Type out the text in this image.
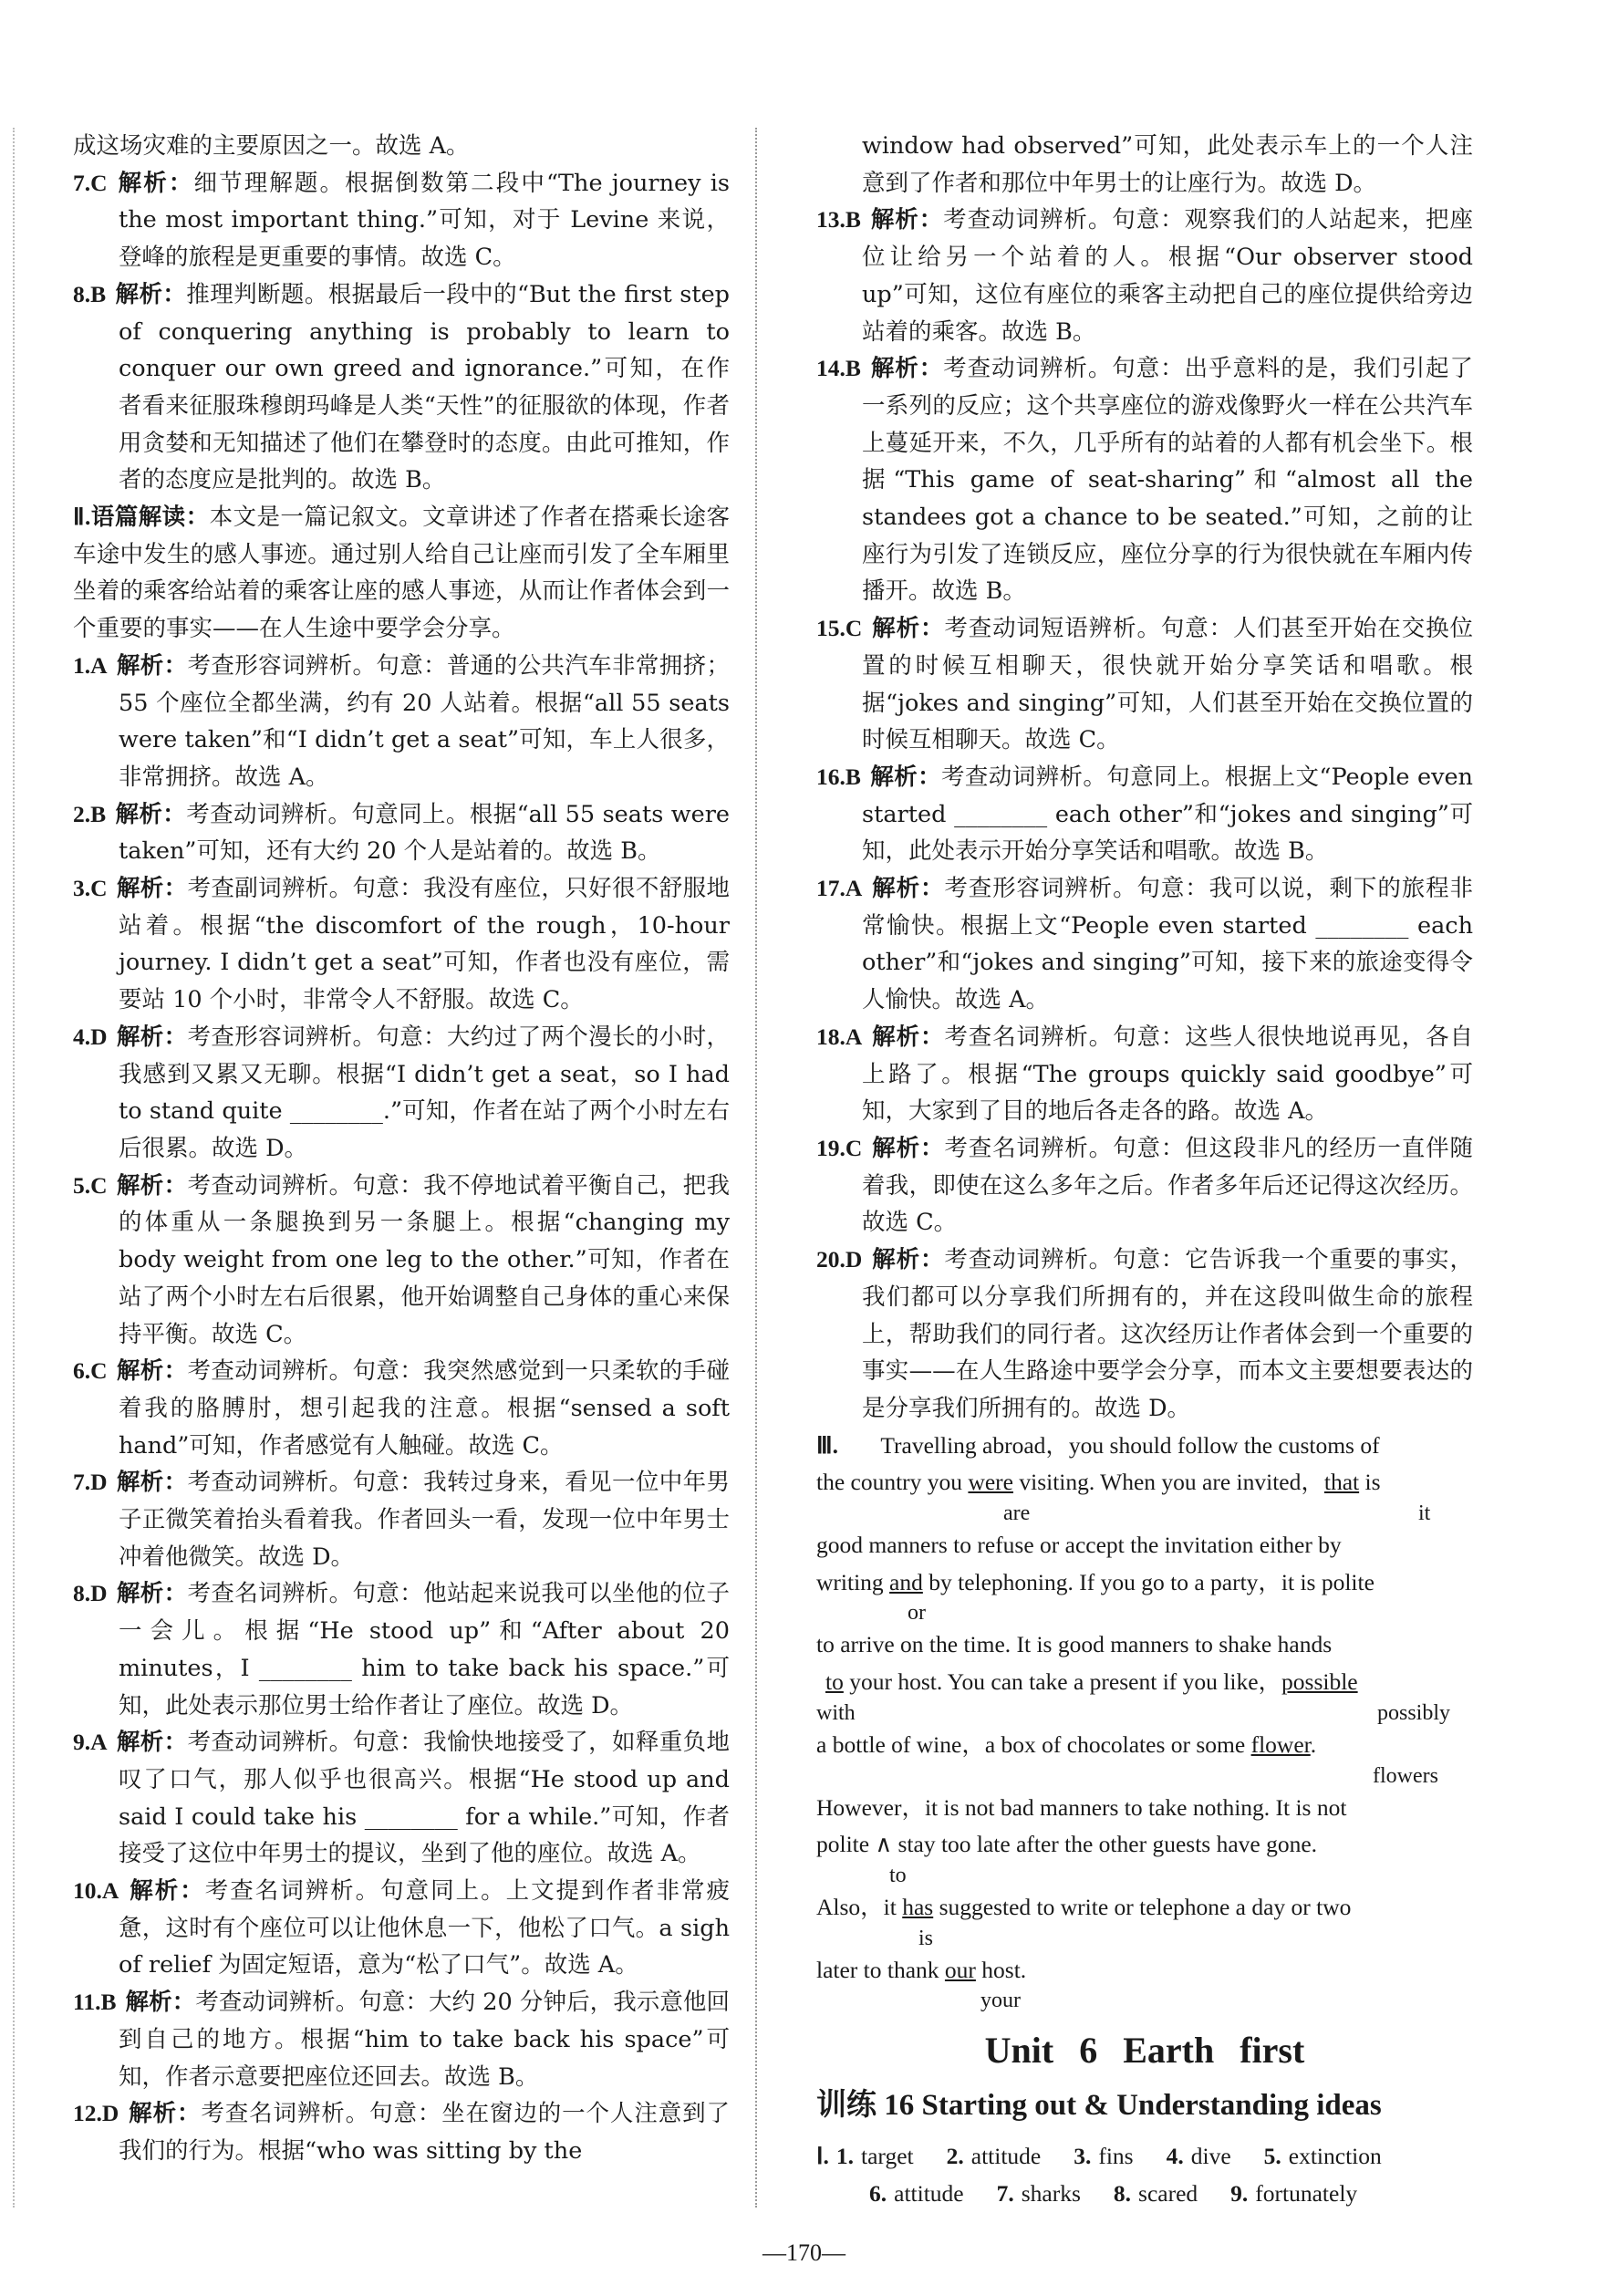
成这场灾难的主要原因之一。故选 A。

7.C 解析：细节理解题。根据倒数第二段中“The journey is the most important thing.”可知，对于 Levine 来说，登峰的旅程是更重要的事情。故选 C。

8.B 解析：推理判断题。根据最后一段中的“But the first step of conquering anything is probably to learn to conquer our own greed and ignorance.”可知，在作者看来征服珠穆朗玛峰是人类“天性”的征服欲的体现，作者用贪婪和无知描述了他们在攀登时的态度。由此可推知，作者的态度应是批判的。故选 B。

Ⅱ.语篇解读：本文是一篇记叙文。文章讲述了作者在搭乘长途客车途中发生的感人事迹。通过别人给自己让座而引发了全车厢里坐着的乘客给站着的乘客让座的感人事迹，从而让作者体会到一个重要的事实——在人生途中要学会分享。

1.A 解析：考查形容词辨析。句意：普通的公共汽车非常拥挤；55 个座位全都坐满，约有 20 人站着。根据“all 55 seats were taken”和“I didn’t get a seat”可知，车上人很多，非常拥挤。故选 A。

2.B 解析：考查动词辨析。句意同上。根据“all 55 seats were taken”可知，还有大约 20 个人是站着的。故选 B。

3.C 解析：考查副词辨析。句意：我没有座位，只好很不舒服地站着。根据“the discomfort of the rough，10-hour journey. I didn’t get a seat”可知，作者也没有座位，需要站 10 个小时，非常令人不舒服。故选 C。

4.D 解析：考查形容词辨析。句意：大约过了两个漫长的小时，我感到又累又无聊。根据“I didn’t get a seat，so I had to stand quite ________.”可知，作者在站了两个小时左右后很累。故选 D。

5.C 解析：考查动词辨析。句意：我不停地试着平衡自己，把我的体重从一条腿换到另一条腿上。根据“changing my body weight from one leg to the other.”可知，作者在站了两个小时左右后很累，他开始调整自己身体的重心来保持平衡。故选 C。

6.C 解析：考查动词辨析。句意：我突然感觉到一只柔软的手碰着我的胳膊肘，想引起我的注意。根据“sensed a soft hand”可知，作者感觉有人触碰。故选 C。

7.D 解析：考查动词辨析。句意：我转过身来，看见一位中年男子正微笑着抬头看着我。作者回头一看，发现一位中年男士冲着他微笑。故选 D。

8.D 解析：考查名词辨析。句意：他站起来说我可以坐他的位子一会儿。根据“He stood up”和“After about 20 minutes，I ________ him to take back his space.”可知，此处表示那位男士给作者让了座位。故选 D。

9.A 解析：考查动词辨析。句意：我愉快地接受了，如释重负地叹了口气，那人似乎也很高兴。根据“He stood up and said I could take his ________ for a while.”可知，作者接受了这位中年男士的提议，坐到了他的座位。故选 A。

10.A 解析：考查名词辨析。句意同上。上文提到作者非常疲惫，这时有个座位可以让他休息一下，他松了口气。a sigh of relief 为固定短语，意为“松了口气”。故选 A。

11.B 解析：考查动词辨析。句意：大约 20 分钟后，我示意他回到自己的地方。根据“him to take back his space”可知，作者示意要把座位还回去。故选 B。

12.D 解析：考查名词辨析。句意：坐在窗边的一个人注意到了我们的行为。根据“who was sitting by the

window had observed”可知，此处表示车上的一个人注意到了作者和那位中年男士的让座行为。故选 D。

13.B 解析：考查动词辨析。句意：观察我们的人站起来，把座位让给另一个站着的人。根据“Our observer stood up”可知，这位有座位的乘客主动把自己的座位提供给旁边站着的乘客。故选 B。

14.B 解析：考查动词辨析。句意：出乎意料的是，我们引起了一系列的反应；这个共享座位的游戏像野火一样在公共汽车上蔓延开来，不久，几乎所有的站着的人都有机会坐下。根据“This game of seat-sharing”和“almost all the standees got a chance to be seated.”可知，之前的让座行为引发了连锁反应，座位分享的行为很快就在车厢内传播开。故选 B。

15.C 解析：考查动词短语辨析。句意：人们甚至开始在交换位置的时候互相聊天，很快就开始分享笑话和唱歌。根据“jokes and singing”可知，人们甚至开始在交换位置的时候互相聊天。故选 C。

16.B 解析：考查动词辨析。句意同上。根据上文“People even started ________ each other”和“jokes and singing”可知，此处表示开始分享笑话和唱歌。故选 B。

17.A 解析：考查形容词辨析。句意：我可以说，剩下的旅程非常愉快。根据上文“People even started ________ each other”和“jokes and singing”可知，接下来的旅途变得令人愉快。故选 A。

18.A 解析：考查名词辨析。句意：这些人很快地说再见，各自上路了。根据“The groups quickly said goodbye”可知，大家到了目的地后各走各的路。故选 A。

19.C 解析：考查名词辨析。句意：但这段非凡的经历一直伴随着我，即使在这么多年之后。作者多年后还记得这次经历。故选 C。

20.D 解析：考查动词辨析。句意：它告诉我一个重要的事实，我们都可以分享我们所拥有的，并在这段叫做生命的旅程上，帮助我们的同行者。这次经历让作者体会到一个重要的事实——在人生路途中要学会分享，而本文主要想要表达的是分享我们所拥有的。故选 D。

Ⅲ. Travelling abroad，you should follow the customs of

the country you were visiting. When you are invited，that is

are	it

good manners to refuse or accept the invitation either by

writing and by telephoning. If you go to a party，it is polite

or

to arrive on the time. It is good manners to shake hands

to your host. You can take a present if you like，possible

with	possibly

a bottle of wine，a box of chocolates or some flower.

flowers

However，it is not bad manners to take nothing. It is not

polite ∧ stay too late after the other guests have gone.

to

Also，it has suggested to write or telephone a day or two

is

later to thank our host.

your
Unit 6 Earth first
训练 16 Starting out & Understanding ideas
Ⅰ. 1. target 2. attitude 3. fins 4. dive 5. extinction
6. attitude 7. sharks 8. scared 9. fortunately
—170—
